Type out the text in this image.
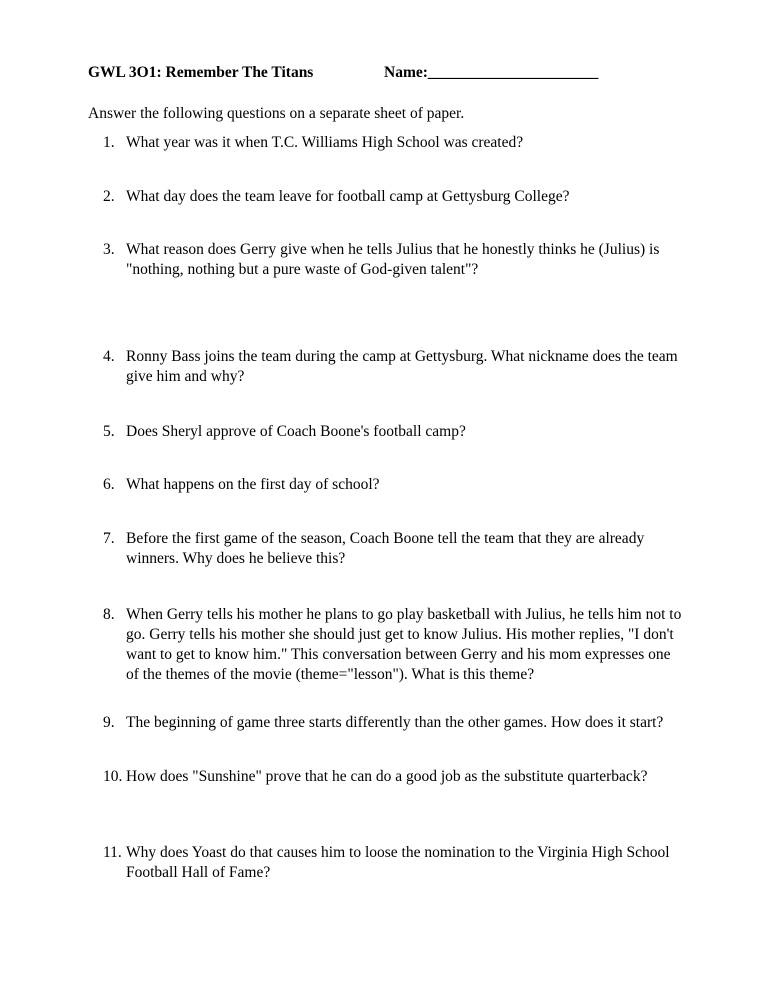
GWL 3O1: Remember The Titans	Name:______________________
Answer the following questions on a separate sheet of paper.
1. What year was it when T.C. Williams High School was created?
2. What day does the team leave for football camp at Gettysburg College?
3. What reason does Gerry give when he tells Julius that he honestly thinks he (Julius) is "nothing, nothing but a pure waste of God-given talent"?
4. Ronny Bass joins the team during the camp at Gettysburg. What nickname does the team give him and why?
5. Does Sheryl approve of Coach Boone's football camp?
6. What happens on the first day of school?
7. Before the first game of the season, Coach Boone tell the team that they are already winners. Why does he believe this?
8. When Gerry tells his mother he plans to go play basketball with Julius, he tells him not to go. Gerry tells his mother she should just get to know Julius. His mother replies, "I don't want to get to know him." This conversation between Gerry and his mom expresses one of the themes of the movie (theme="lesson"). What is this theme?
9. The beginning of game three starts differently than the other games. How does it start?
10. How does "Sunshine" prove that he can do a good job as the substitute quarterback?
11. Why does Yoast do that causes him to loose the nomination to the Virginia High School Football Hall of Fame?
